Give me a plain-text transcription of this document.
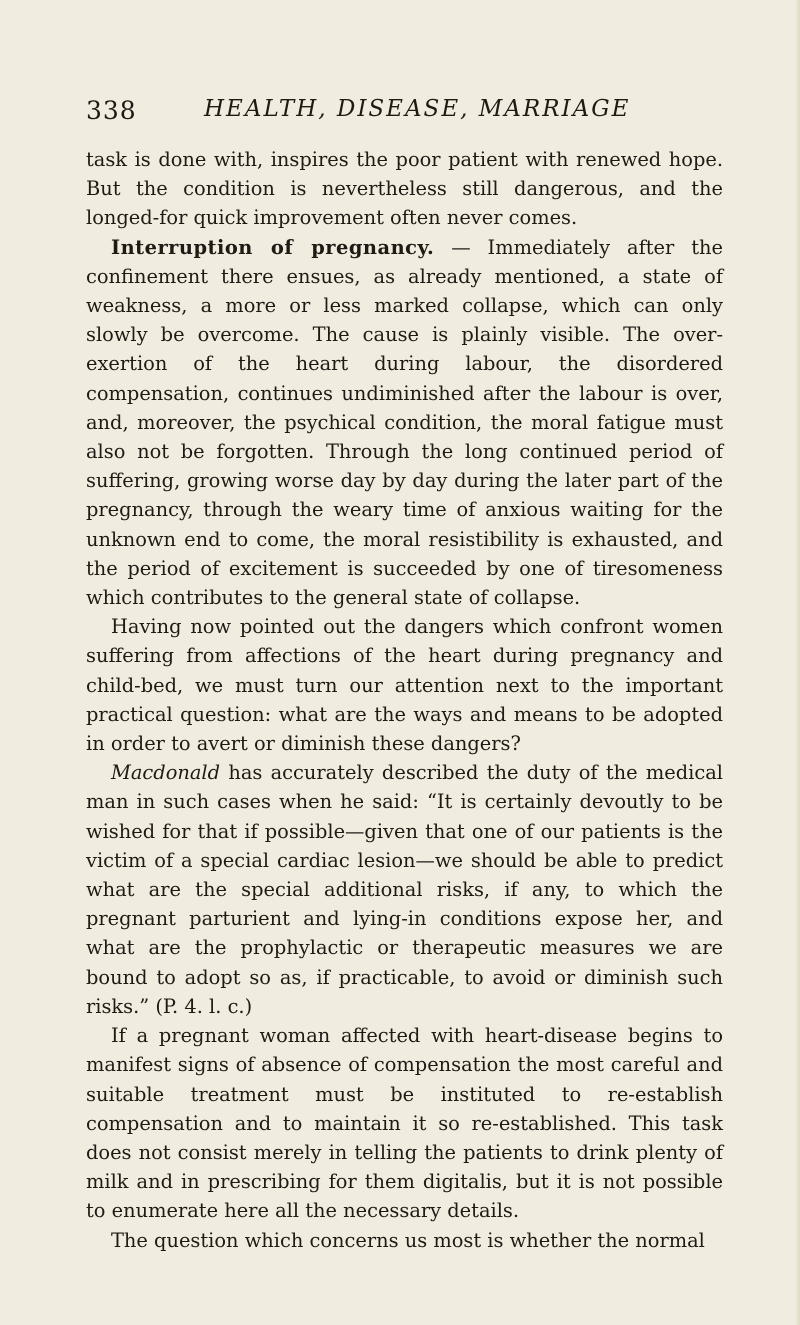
338	HEALTH, DISEASE, MARRIAGE

task is done with, inspires the poor patient with renewed hope. But the condition is nevertheless still dangerous, and the longed-for quick improvement often never comes.

Interruption of pregnancy. — Immediately after the confinement there ensues, as already mentioned, a state of weakness, a more or less marked collapse, which can only slowly be overcome. The cause is plainly visible. The over-exertion of the heart during labour, the disordered compensation, continues undiminished after the labour is over, and, moreover, the psychical condition, the moral fatigue must also not be forgotten. Through the long continued period of suffering, growing worse day by day during the later part of the pregnancy, through the weary time of anxious waiting for the unknown end to come, the moral resistibility is exhausted, and the period of excitement is succeeded by one of tiresomeness which contributes to the general state of collapse.

Having now pointed out the dangers which confront women suffering from affections of the heart during pregnancy and child-bed, we must turn our attention next to the important practical question: what are the ways and means to be adopted in order to avert or diminish these dangers?

Macdonald has accurately described the duty of the medical man in such cases when he said: “It is certainly devoutly to be wished for that if possible—given that one of our patients is the victim of a special cardiac lesion—we should be able to predict what are the special additional risks, if any, to which the pregnant parturient and lying-in conditions expose her, and what are the prophylactic or therapeutic measures we are bound to adopt so as, if practicable, to avoid or diminish such risks.” (P. 4. l. c.)

If a pregnant woman affected with heart-disease begins to manifest signs of absence of compensation the most careful and suitable treatment must be instituted to re-establish compensation and to maintain it so re-established. This task does not consist merely in telling the patients to drink plenty of milk and in prescribing for them digitalis, but it is not possible to enumerate here all the necessary details.

The question which concerns us most is whether the normal
